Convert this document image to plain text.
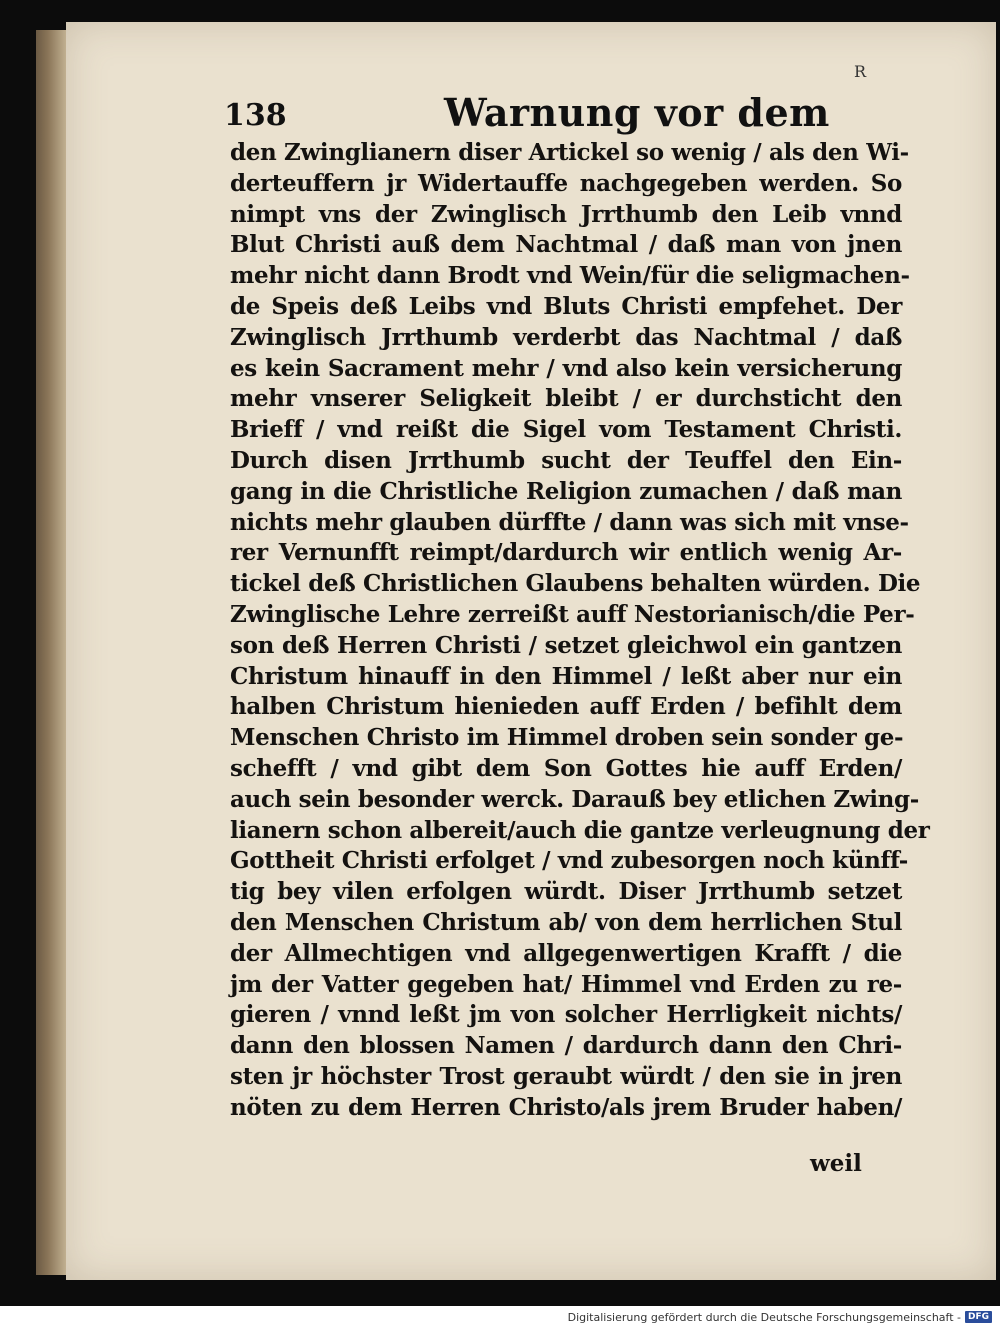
R
138	Warnung vor dem
den Zwinglianern diser Artickel so wenig / als den Wi-
derteuffern jr Widertauffe nachgegeben werden. So
nimpt vns der Zwinglisch Jrrthumb den Leib vnnd
Blut Christi auß dem Nachtmal / daß man von jnen
mehr nicht dann Brodt vnd Wein/für die seligmachen-
de Speis deß Leibs vnd Bluts Christi empfehet. Der
Zwinglisch Jrrthumb verderbt das Nachtmal / daß
es kein Sacrament mehr / vnd also kein versicherung
mehr vnserer Seligkeit bleibt / er durchsticht den
Brieff / vnd reißt die Sigel vom Testament Christi.
Durch disen Jrrthumb sucht der Teuffel den Ein-
gang in die Christliche Religion zumachen / daß man
nichts mehr glauben dürffte / dann was sich mit vnse-
rer Vernunfft reimpt/dardurch wir entlich wenig Ar-
tickel deß Christlichen Glaubens behalten würden. Die
Zwinglische Lehre zerreißt auff Nestorianisch/die Per-
son deß Herren Christi / setzet gleichwol ein gantzen
Christum hinauff in den Himmel / leßt aber nur ein
halben Christum hienieden auff Erden / befihlt dem
Menschen Christo im Himmel droben sein sonder ge-
schefft / vnd gibt dem Son Gottes hie auff Erden/
auch sein besonder werck. Darauß bey etlichen Zwing-
lianern schon albereit/auch die gantze verleugnung der
Gottheit Christi erfolget / vnd zubesorgen noch künff-
tig bey vilen erfolgen würdt. Diser Jrrthumb setzet
den Menschen Christum ab/ von dem herrlichen Stul
der Allmechtigen vnd allgegenwertigen Krafft / die
jm der Vatter gegeben hat/ Himmel vnd Erden zu re-
gieren / vnnd leßt jm von solcher Herrligkeit nichts/
dann den blossen Namen / dardurch dann den Chri-
sten jr höchster Trost geraubt würdt / den sie in jren
nöten zu dem Herren Christo/als jrem Bruder haben/
weil
Digitalisierung gefördert durch die Deutsche Forschungsgemeinschaft - DFG
